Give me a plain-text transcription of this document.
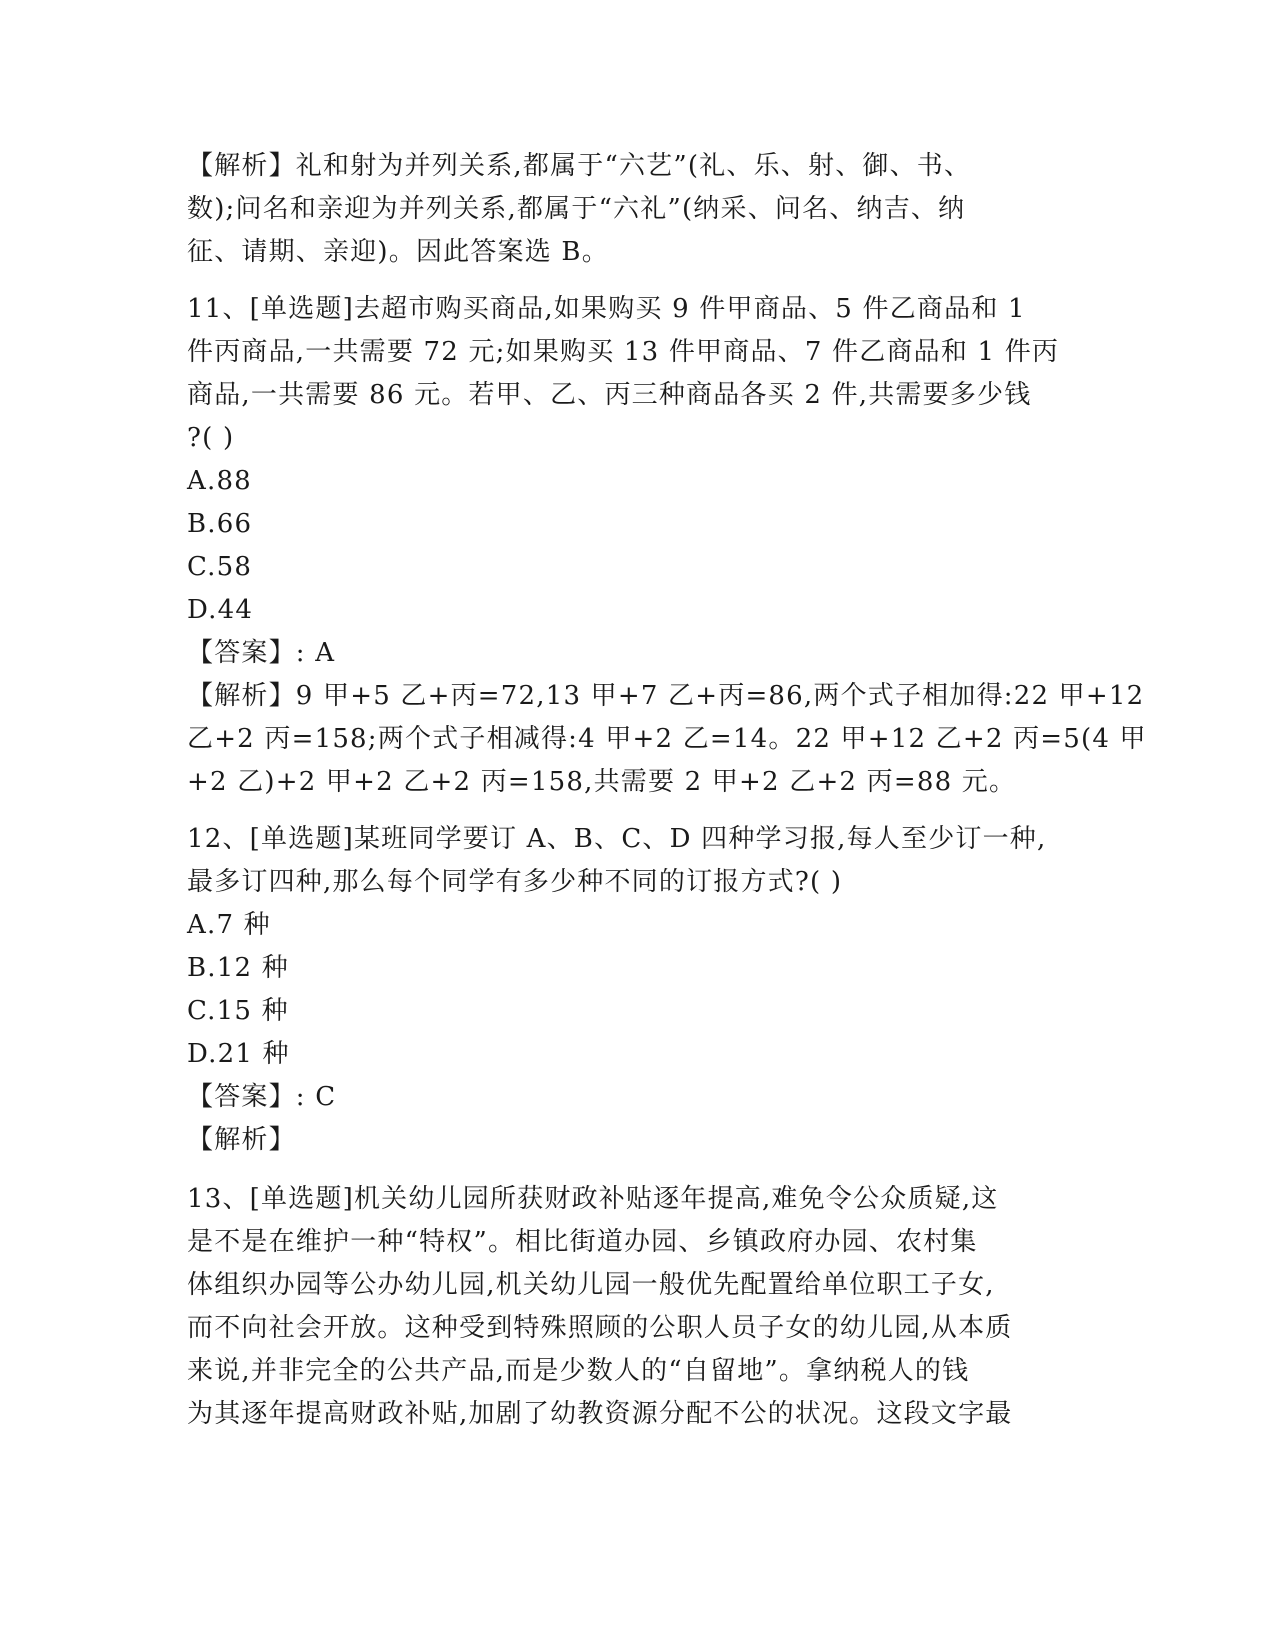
【解析】礼和射为并列关系,都属于“六艺”(礼、乐、射、御、书、
数);问名和亲迎为并列关系,都属于“六礼”(纳采、问名、纳吉、纳
征、请期、亲迎)。因此答案选 B。
11、[单选题]去超市购买商品,如果购买 9 件甲商品、5 件乙商品和 1
件丙商品,一共需要 72 元;如果购买 13 件甲商品、7 件乙商品和 1 件丙
商品,一共需要 86 元。若甲、乙、丙三种商品各买 2 件,共需要多少钱
?( )
A.88
B.66
C.58
D.44
【答案】: A
【解析】9 甲+5 乙+丙=72,13 甲+7 乙+丙=86,两个式子相加得:22 甲+12
乙+2 丙=158;两个式子相减得:4 甲+2 乙=14。22 甲+12 乙+2 丙=5(4 甲
+2 乙)+2 甲+2 乙+2 丙=158,共需要 2 甲+2 乙+2 丙=88 元。
12、[单选题]某班同学要订 A、B、C、D 四种学习报,每人至少订一种,
最多订四种,那么每个同学有多少种不同的订报方式?( )
A.7 种
B.12 种
C.15 种
D.21 种
【答案】: C
【解析】
13、[单选题]机关幼儿园所获财政补贴逐年提高,难免令公众质疑,这
是不是在维护一种“特权”。相比街道办园、乡镇政府办园、农村集
体组织办园等公办幼儿园,机关幼儿园一般优先配置给单位职工子女,
而不向社会开放。这种受到特殊照顾的公职人员子女的幼儿园,从本质
来说,并非完全的公共产品,而是少数人的“自留地”。拿纳税人的钱
为其逐年提高财政补贴,加剧了幼教资源分配不公的状况。这段文字最
